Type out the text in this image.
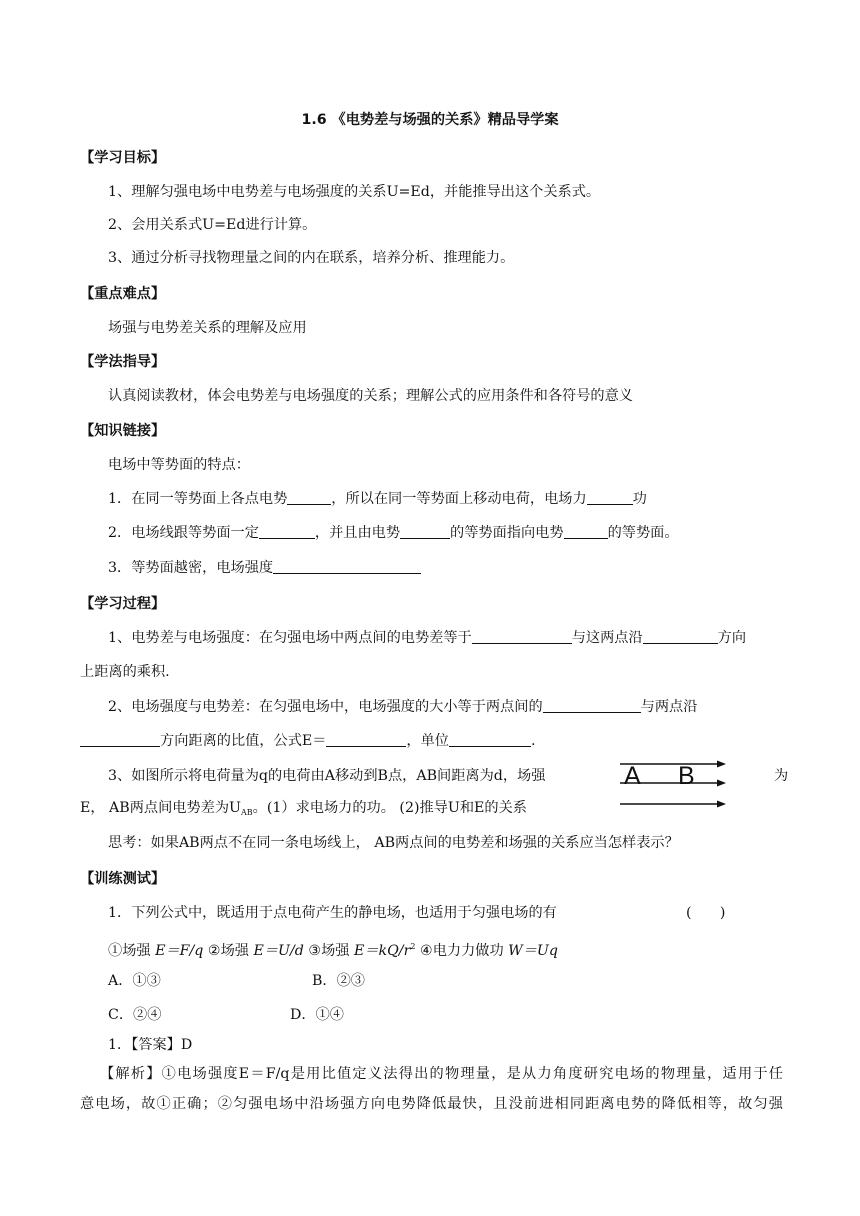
1.6 《电势差与场强的关系》精品导学案
【学习目标】
1、理解匀强电场中电势差与电场强度的关系U=Ed，并能推导出这个关系式。
2、会用关系式U=Ed进行计算。
3、通过分析寻找物理量之间的内在联系，培养分析、推理能力。
【重点难点】
场强与电势差关系的理解及应用
【学法指导】
认真阅读教材，体会电势差与电场强度的关系；理解公式的应用条件和各符号的意义
【知识链接】
电场中等势面的特点：
1．在同一等势面上各点电势	，所以在同一等势面上移动电荷，电场力	功
2．电场线跟等势面一定	，并且由电势	的等势面指向电势	的等势面。
3．等势面越密，电场强度
【学习过程】
1、电势差与电场强度：在匀强电场中两点间的电势差等于	与这两点沿	方向
上距离的乘积.
2、电场强度与电势差：在匀强电场中，电场强度的大小等于两点间的	与两点沿
方向距离的比值，公式E＝	，单位	.
3、如图所示将电荷量为q的电荷由A移动到B点，AB间距离为d，场强	为
E， AB两点间电势差为$U_{AB}$。(1）求电场力的功。 (2)推导U和E的关系
A B
思考：如果AB两点不在同一条电场线上， AB两点间的电势差和场强的关系应当怎样表示？
【训练测试】
1．下列公式中，既适用于点电荷产生的静电场，也适用于匀强电场的有	(　　)
①场强 E＝F/q ②场强 E＝U/d ③场强 $E=kQ/r^2$ ④电力力做功 W＝Uq
A．①③	B．②③
C．②④	D．①④
1．【答案】D
【解析】①电场强度E＝F/q是用比值定义法得出的物理量，是从力角度研究电场的物理量，适用于任
意电场，故①正确；②匀强电场中沿场强方向电势降低最快，且没前进相同距离电势的降低相等，故匀强
